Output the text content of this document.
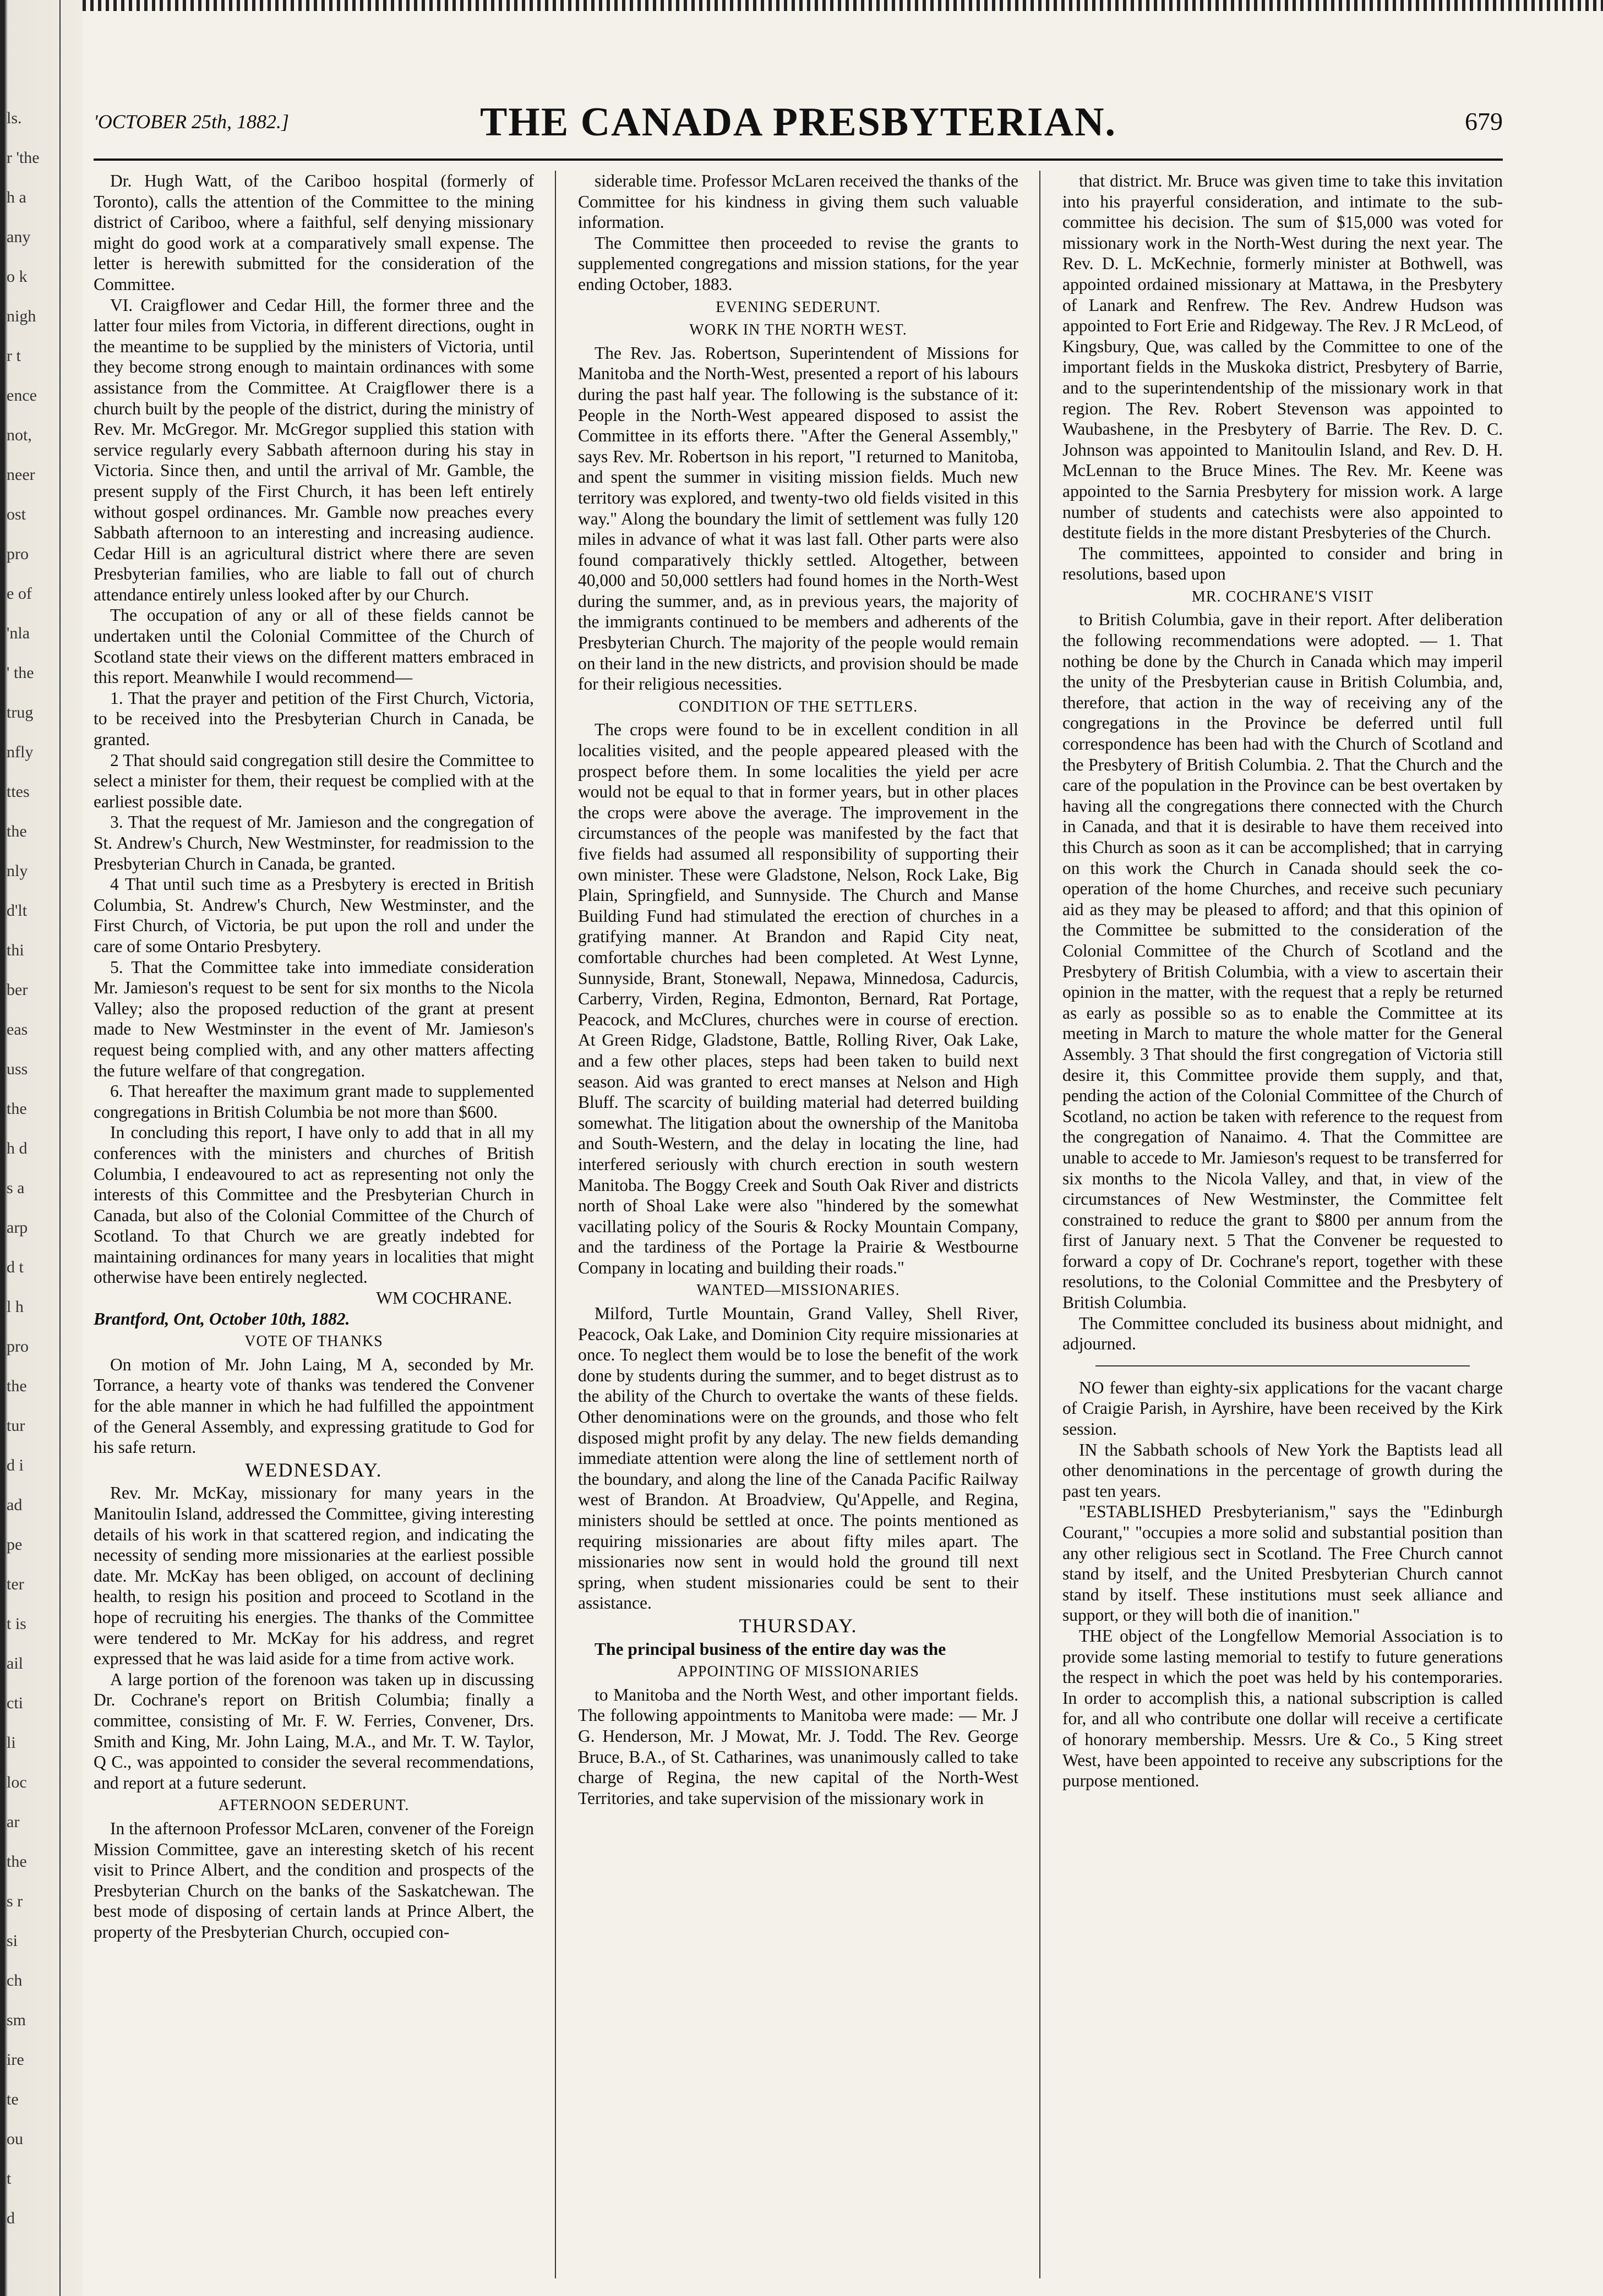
ls.
r 'the
h a
any
o k
nigh
r t
ence
not,
neer
ost
pro
e of
'nla
' the
trug
nfly
ttes
the
nly
d'lt
thi
ber
eas
uss
the
h d
s a
arp
d t
l h
pro
the
tur
d i
ad
pe
ter
t is
ail
cti
li
loc
ar
the
s r
si
ch
sm
ire
te
ou
t
d
'OCTOBER 25th, 1882.]	THE CANADA PRESBYTERIAN.	679

Dr. Hugh Watt, of the Cariboo hospital (formerly of Toronto), calls the attention of the Committee to the mining district of Cariboo, where a faithful, self denying missionary might do good work at a comparatively small expense. The letter is herewith submitted for the consideration of the Committee.

VI. Craigflower and Cedar Hill, the former three and the latter four miles from Victoria, in different directions, ought in the meantime to be supplied by the ministers of Victoria, until they become strong enough to maintain ordinances with some assistance from the Committee. At Craigflower there is a church built by the people of the district, during the ministry of Rev. Mr. McGregor. Mr. McGregor supplied this station with service regularly every Sabbath afternoon during his stay in Victoria. Since then, and until the arrival of Mr. Gamble, the present supply of the First Church, it has been left entirely without gospel ordinances. Mr. Gamble now preaches every Sabbath afternoon to an interesting and increasing audience. Cedar Hill is an agricultural district where there are seven Presbyterian families, who are liable to fall out of church attendance entirely unless looked after by our Church.

The occupation of any or all of these fields cannot be undertaken until the Colonial Committee of the Church of Scotland state their views on the different matters embraced in this report. Meanwhile I would recommend—

1. That the prayer and petition of the First Church, Victoria, to be received into the Presbyterian Church in Canada, be granted.

2 That should said congregation still desire the Committee to select a minister for them, their request be complied with at the earliest possible date.

3. That the request of Mr. Jamieson and the congregation of St. Andrew's Church, New Westminster, for readmission to the Presbyterian Church in Canada, be granted.

4 That until such time as a Presbytery is erected in British Columbia, St. Andrew's Church, New Westminster, and the First Church, of Victoria, be put upon the roll and under the care of some Ontario Presbytery.

5. That the Committee take into immediate consideration Mr. Jamieson's request to be sent for six months to the Nicola Valley; also the proposed reduction of the grant at present made to New Westminster in the event of Mr. Jamieson's request being complied with, and any other matters affecting the future welfare of that congregation.

6. That hereafter the maximum grant made to supplemented congregations in British Columbia be not more than $600.

In concluding this report, I have only to add that in all my conferences with the ministers and churches of British Columbia, I endeavoured to act as representing not only the interests of this Committee and the Presbyterian Church in Canada, but also of the Colonial Committee of the Church of Scotland. To that Church we are greatly indebted for maintaining ordinances for many years in localities that might otherwise have been entirely neglected.

WM COCHRANE.

Brantford, Ont, October 10th, 1882.

VOTE OF THANKS

On motion of Mr. John Laing, M A, seconded by Mr. Torrance, a hearty vote of thanks was tendered the Convener for the able manner in which he had fulfilled the appointment of the General Assembly, and expressing gratitude to God for his safe return.

WEDNESDAY.

Rev. Mr. McKay, missionary for many years in the Manitoulin Island, addressed the Committee, giving interesting details of his work in that scattered region, and indicating the necessity of sending more missionaries at the earliest possible date. Mr. McKay has been obliged, on account of declining health, to resign his position and proceed to Scotland in the hope of recruiting his energies. The thanks of the Committee were tendered to Mr. McKay for his address, and regret expressed that he was laid aside for a time from active work.

A large portion of the forenoon was taken up in discussing Dr. Cochrane's report on British Columbia; finally a committee, consisting of Mr. F. W. Ferries, Convener, Drs. Smith and King, Mr. John Laing, M.A., and Mr. T. W. Taylor, Q C., was appointed to consider the several recommendations, and report at a future sederunt.

AFTERNOON SEDERUNT.

In the afternoon Professor McLaren, convener of the Foreign Mission Committee, gave an interesting sketch of his recent visit to Prince Albert, and the condition and prospects of the Presbyterian Church on the banks of the Saskatchewan. The best mode of disposing of certain lands at Prince Albert, the property of the Presbyterian Church, occupied con-

siderable time. Professor McLaren received the thanks of the Committee for his kindness in giving them such valuable information.

The Committee then proceeded to revise the grants to supplemented congregations and mission stations, for the year ending October, 1883.

EVENING SEDERUNT.

WORK IN THE NORTH WEST.

The Rev. Jas. Robertson, Superintendent of Missions for Manitoba and the North-West, presented a report of his labours during the past half year. The following is the substance of it: People in the North-West appeared disposed to assist the Committee in its efforts there. "After the General Assembly," says Rev. Mr. Robertson in his report, "I returned to Manitoba, and spent the summer in visiting mission fields. Much new territory was explored, and twenty-two old fields visited in this way." Along the boundary the limit of settlement was fully 120 miles in advance of what it was last fall. Other parts were also found comparatively thickly settled. Altogether, between 40,000 and 50,000 settlers had found homes in the North-West during the summer, and, as in previous years, the majority of the immigrants continued to be members and adherents of the Presbyterian Church. The majority of the people would remain on their land in the new districts, and provision should be made for their religious necessities.

CONDITION OF THE SETTLERS.

The crops were found to be in excellent condition in all localities visited, and the people appeared pleased with the prospect before them. In some localities the yield per acre would not be equal to that in former years, but in other places the crops were above the average. The improvement in the circumstances of the people was manifested by the fact that five fields had assumed all responsibility of supporting their own minister. These were Gladstone, Nelson, Rock Lake, Big Plain, Springfield, and Sunnyside. The Church and Manse Building Fund had stimulated the erection of churches in a gratifying manner. At Brandon and Rapid City neat, comfortable churches had been completed. At West Lynne, Sunnyside, Brant, Stonewall, Nepawa, Minnedosa, Cadurcis, Carberry, Virden, Regina, Edmonton, Bernard, Rat Portage, Peacock, and McClures, churches were in course of erection. At Green Ridge, Gladstone, Battle, Rolling River, Oak Lake, and a few other places, steps had been taken to build next season. Aid was granted to erect manses at Nelson and High Bluff. The scarcity of building material had deterred building somewhat. The litigation about the ownership of the Manitoba and South-Western, and the delay in locating the line, had interfered seriously with church erection in south western Manitoba. The Boggy Creek and South Oak River and districts north of Shoal Lake were also "hindered by the somewhat vacillating policy of the Souris & Rocky Mountain Company, and the tardiness of the Portage la Prairie & Westbourne Company in locating and building their roads."

WANTED—MISSIONARIES.

Milford, Turtle Mountain, Grand Valley, Shell River, Peacock, Oak Lake, and Dominion City require missionaries at once. To neglect them would be to lose the benefit of the work done by students during the summer, and to beget distrust as to the ability of the Church to overtake the wants of these fields. Other denominations were on the grounds, and those who felt disposed might profit by any delay. The new fields demanding immediate attention were along the line of settlement north of the boundary, and along the line of the Canada Pacific Railway west of Brandon. At Broadview, Qu'Appelle, and Regina, ministers should be settled at once. The points mentioned as requiring missionaries are about fifty miles apart. The missionaries now sent in would hold the ground till next spring, when student missionaries could be sent to their assistance.

THURSDAY.

The principal business of the entire day was the

APPOINTING OF MISSIONARIES

to Manitoba and the North West, and other important fields. The following appointments to Manitoba were made: — Mr. J G. Henderson, Mr. J Mowat, Mr. J. Todd. The Rev. George Bruce, B.A., of St. Catharines, was unanimously called to take charge of Regina, the new capital of the North-West Territories, and take supervision of the missionary work in

that district. Mr. Bruce was given time to take this invitation into his prayerful consideration, and intimate to the sub-committee his decision. The sum of $15,000 was voted for missionary work in the North-West during the next year. The Rev. D. L. McKechnie, formerly minister at Bothwell, was appointed ordained missionary at Mattawa, in the Presbytery of Lanark and Renfrew. The Rev. Andrew Hudson was appointed to Fort Erie and Ridgeway. The Rev. J R McLeod, of Kingsbury, Que, was called by the Committee to one of the important fields in the Muskoka district, Presbytery of Barrie, and to the superintendentship of the missionary work in that region. The Rev. Robert Stevenson was appointed to Waubashene, in the Presbytery of Barrie. The Rev. D. C. Johnson was appointed to Manitoulin Island, and Rev. D. H. McLennan to the Bruce Mines. The Rev. Mr. Keene was appointed to the Sarnia Presbytery for mission work. A large number of students and catechists were also appointed to destitute fields in the more distant Presbyteries of the Church.

The committees, appointed to consider and bring in resolutions, based upon

MR. COCHRANE'S VISIT

to British Columbia, gave in their report. After deliberation the following recommendations were adopted. — 1. That nothing be done by the Church in Canada which may imperil the unity of the Presbyterian cause in British Columbia, and, therefore, that action in the way of receiving any of the congregations in the Province be deferred until full correspondence has been had with the Church of Scotland and the Presbytery of British Columbia. 2. That the Church and the care of the population in the Province can be best overtaken by having all the congregations there connected with the Church in Canada, and that it is desirable to have them received into this Church as soon as it can be accomplished; that in carrying on this work the Church in Canada should seek the co-operation of the home Churches, and receive such pecuniary aid as they may be pleased to afford; and that this opinion of the Committee be submitted to the consideration of the Colonial Committee of the Church of Scotland and the Presbytery of British Columbia, with a view to ascertain their opinion in the matter, with the request that a reply be returned as early as possible so as to enable the Committee at its meeting in March to mature the whole matter for the General Assembly. 3 That should the first congregation of Victoria still desire it, this Committee provide them supply, and that, pending the action of the Colonial Committee of the Church of Scotland, no action be taken with reference to the request from the congregation of Nanaimo. 4. That the Committee are unable to accede to Mr. Jamieson's request to be transferred for six months to the Nicola Valley, and that, in view of the circumstances of New Westminster, the Committee felt constrained to reduce the grant to $800 per annum from the first of January next. 5 That the Convener be requested to forward a copy of Dr. Cochrane's report, together with these resolutions, to the Colonial Committee and the Presbytery of British Columbia.

The Committee concluded its business about midnight, and adjourned.

NO fewer than eighty-six applications for the vacant charge of Craigie Parish, in Ayrshire, have been received by the Kirk session.

IN the Sabbath schools of New York the Baptists lead all other denominations in the percentage of growth during the past ten years.

"ESTABLISHED Presbyterianism," says the "Edinburgh Courant," "occupies a more solid and substantial position than any other religious sect in Scotland. The Free Church cannot stand by itself, and the United Presbyterian Church cannot stand by itself. These institutions must seek alliance and support, or they will both die of inanition."

THE object of the Longfellow Memorial Association is to provide some lasting memorial to testify to future generations the respect in which the poet was held by his contemporaries. In order to accomplish this, a national subscription is called for, and all who contribute one dollar will receive a certificate of honorary membership. Messrs. Ure & Co., 5 King street West, have been appointed to receive any subscriptions for the purpose mentioned.
